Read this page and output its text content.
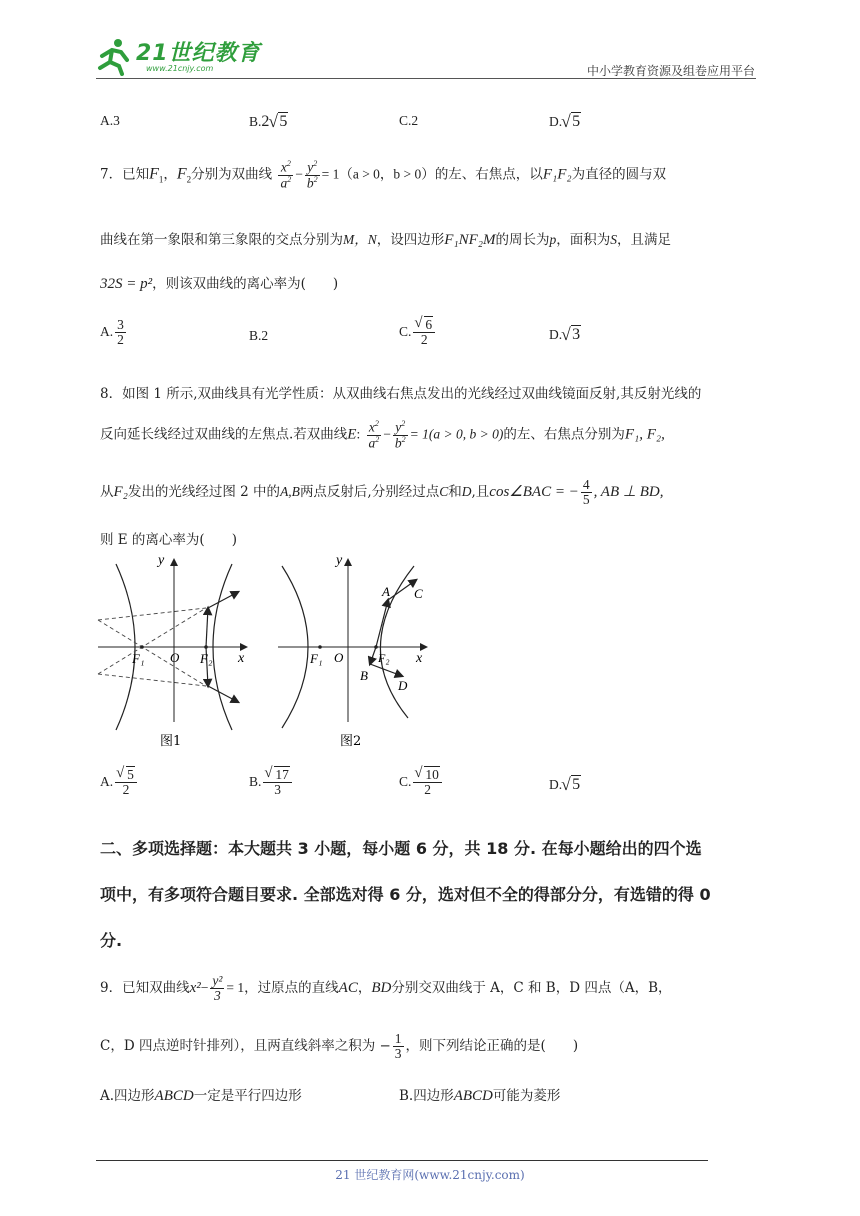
21世纪教育
www.21cnjy.com	中小学教育资源及组卷应用平台
A.3	B.2 √ 5	C.2	D. √ 5
7．已知$F_1$，$F_2$分别为双曲线 $\frac{x^2}{a^2} - \frac{y^2}{b^2} = 1(a > 0$，b > 0）的左、右焦点，以F₁F₂为直径的圆与双
曲线在第一象限和第三象限的交点分别为M，N，设四边形F₁NF₂M的周长为p，面积为S，且满足
32S = p²，则该双曲线的离心率为(　　)
A. $\frac{3}{2}$	B.2	C. √ $\frac{6}{2}$	D. √ 3
8．如图 1 所示,双曲线具有光学性质：从双曲线右焦点发出的光线经过双曲线镜面反射,其反射光线的
反向延长线经过双曲线的左焦点.若双曲线E: $\frac{x^2}{a^2} - \frac{y^2}{b^2} = 1(a > 0$, b > 0)的左、右焦点分别为F₁, F₂,
从F₂发出的光线经过图 2 中的A,B两点反射后,分别经过点C和D,且cos∠BAC = − $\frac{4}{5}$ , AB ⊥ BD,
则 E 的离心率为(　　)
y
x
O
F₁	F₂
图1
y
x
O
F₁	F₂
A C
B
D
图2
A. √ $\frac{5}{2}$	B. √ $\frac{17}{3}$	C. √ $\frac{10}{2}$	D. √ 5
二、多项选择题：本大题共 3 小题，每小题 6 分，共 18 分. 在每小题给出的四个选
项中，有多项符合题目要求. 全部选对得 6 分，选对但不全的得部分分，有选错的得 0
分.
9．已知双曲线$x^2- \frac{\text{y²}}{3} = 1$，过原点的直线AC，BD分别交双曲线于 A，C 和 B，D 四点（A，B，
C，D 四点逆时针排列），且两直线斜率之积为 − $\frac{1}{3}$ ，则下列结论正确的是(　　)
A.四边形ABCD一定是平行四边形	B.四边形ABCD可能为菱形
21 世纪教育网(www.21cnjy.com)
